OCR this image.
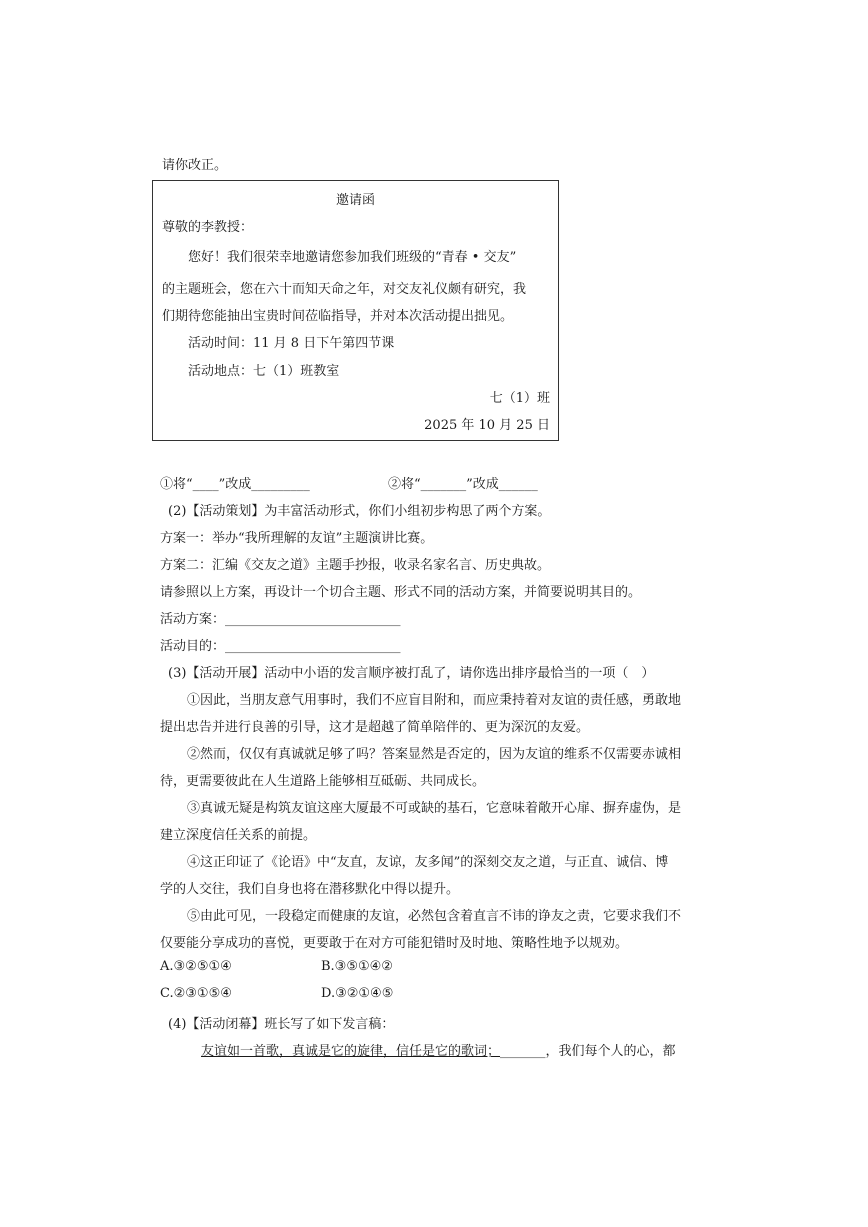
请你改正。
邀请函
尊敬的李教授：
您好！我们很荣幸地邀请您参加我们班级的“青春 • 交友”
的主题班会，您在六十而知天命之年，对交友礼仪颇有研究，我
们期待您能抽出宝贵时间莅临指导，并对本次活动提出拙见。
活动时间：11 月 8 日下午第四节课
活动地点：七（1）班教室
七（1）班
2025 年 10 月 25 日
①将“____”改成_________	②将“_______”改成______
(2)【活动策划】为丰富活动形式，你们小组初步构思了两个方案。
方案一：举办“我所理解的友谊”主题演讲比赛。
方案二：汇编《交友之道》主题手抄报，收录名家名言、历史典故。
请参照以上方案，再设计一个切合主题、形式不同的活动方案，并简要说明其目的。
活动方案：___________________________
活动目的：___________________________
(3)【活动开展】活动中小语的发言顺序被打乱了，请你选出排序最恰当的一项（　）
①因此，当朋友意气用事时，我们不应盲目附和，而应秉持着对友谊的责任感，勇敢地
提出忠告并进行良善的引导，这才是超越了简单陪伴的、更为深沉的友爱。
②然而，仅仅有真诚就足够了吗？答案显然是否定的，因为友谊的维系不仅需要赤诚相
待，更需要彼此在人生道路上能够相互砥砺、共同成长。
③真诚无疑是构筑友谊这座大厦最不可或缺的基石，它意味着敞开心扉、摒弃虚伪，是
建立深度信任关系的前提。
④这正印证了《论语》中“友直，友谅，友多闻”的深刻交友之道，与正直、诚信、博
学的人交往，我们自身也将在潜移默化中得以提升。
⑤由此可见，一段稳定而健康的友谊，必然包含着直言不讳的诤友之责，它要求我们不
仅要能分享成功的喜悦，更要敢于在对方可能犯错时及时地、策略性地予以规劝。
A.③②⑤①④	B.③⑤①④②
C.②③①⑤④	D.③②①④⑤
(4)【活动闭幕】班长写了如下发言稿：
友谊如一首歌，真诚是它的旋律，信任是它的歌词；_______，我们每个人的心，都
